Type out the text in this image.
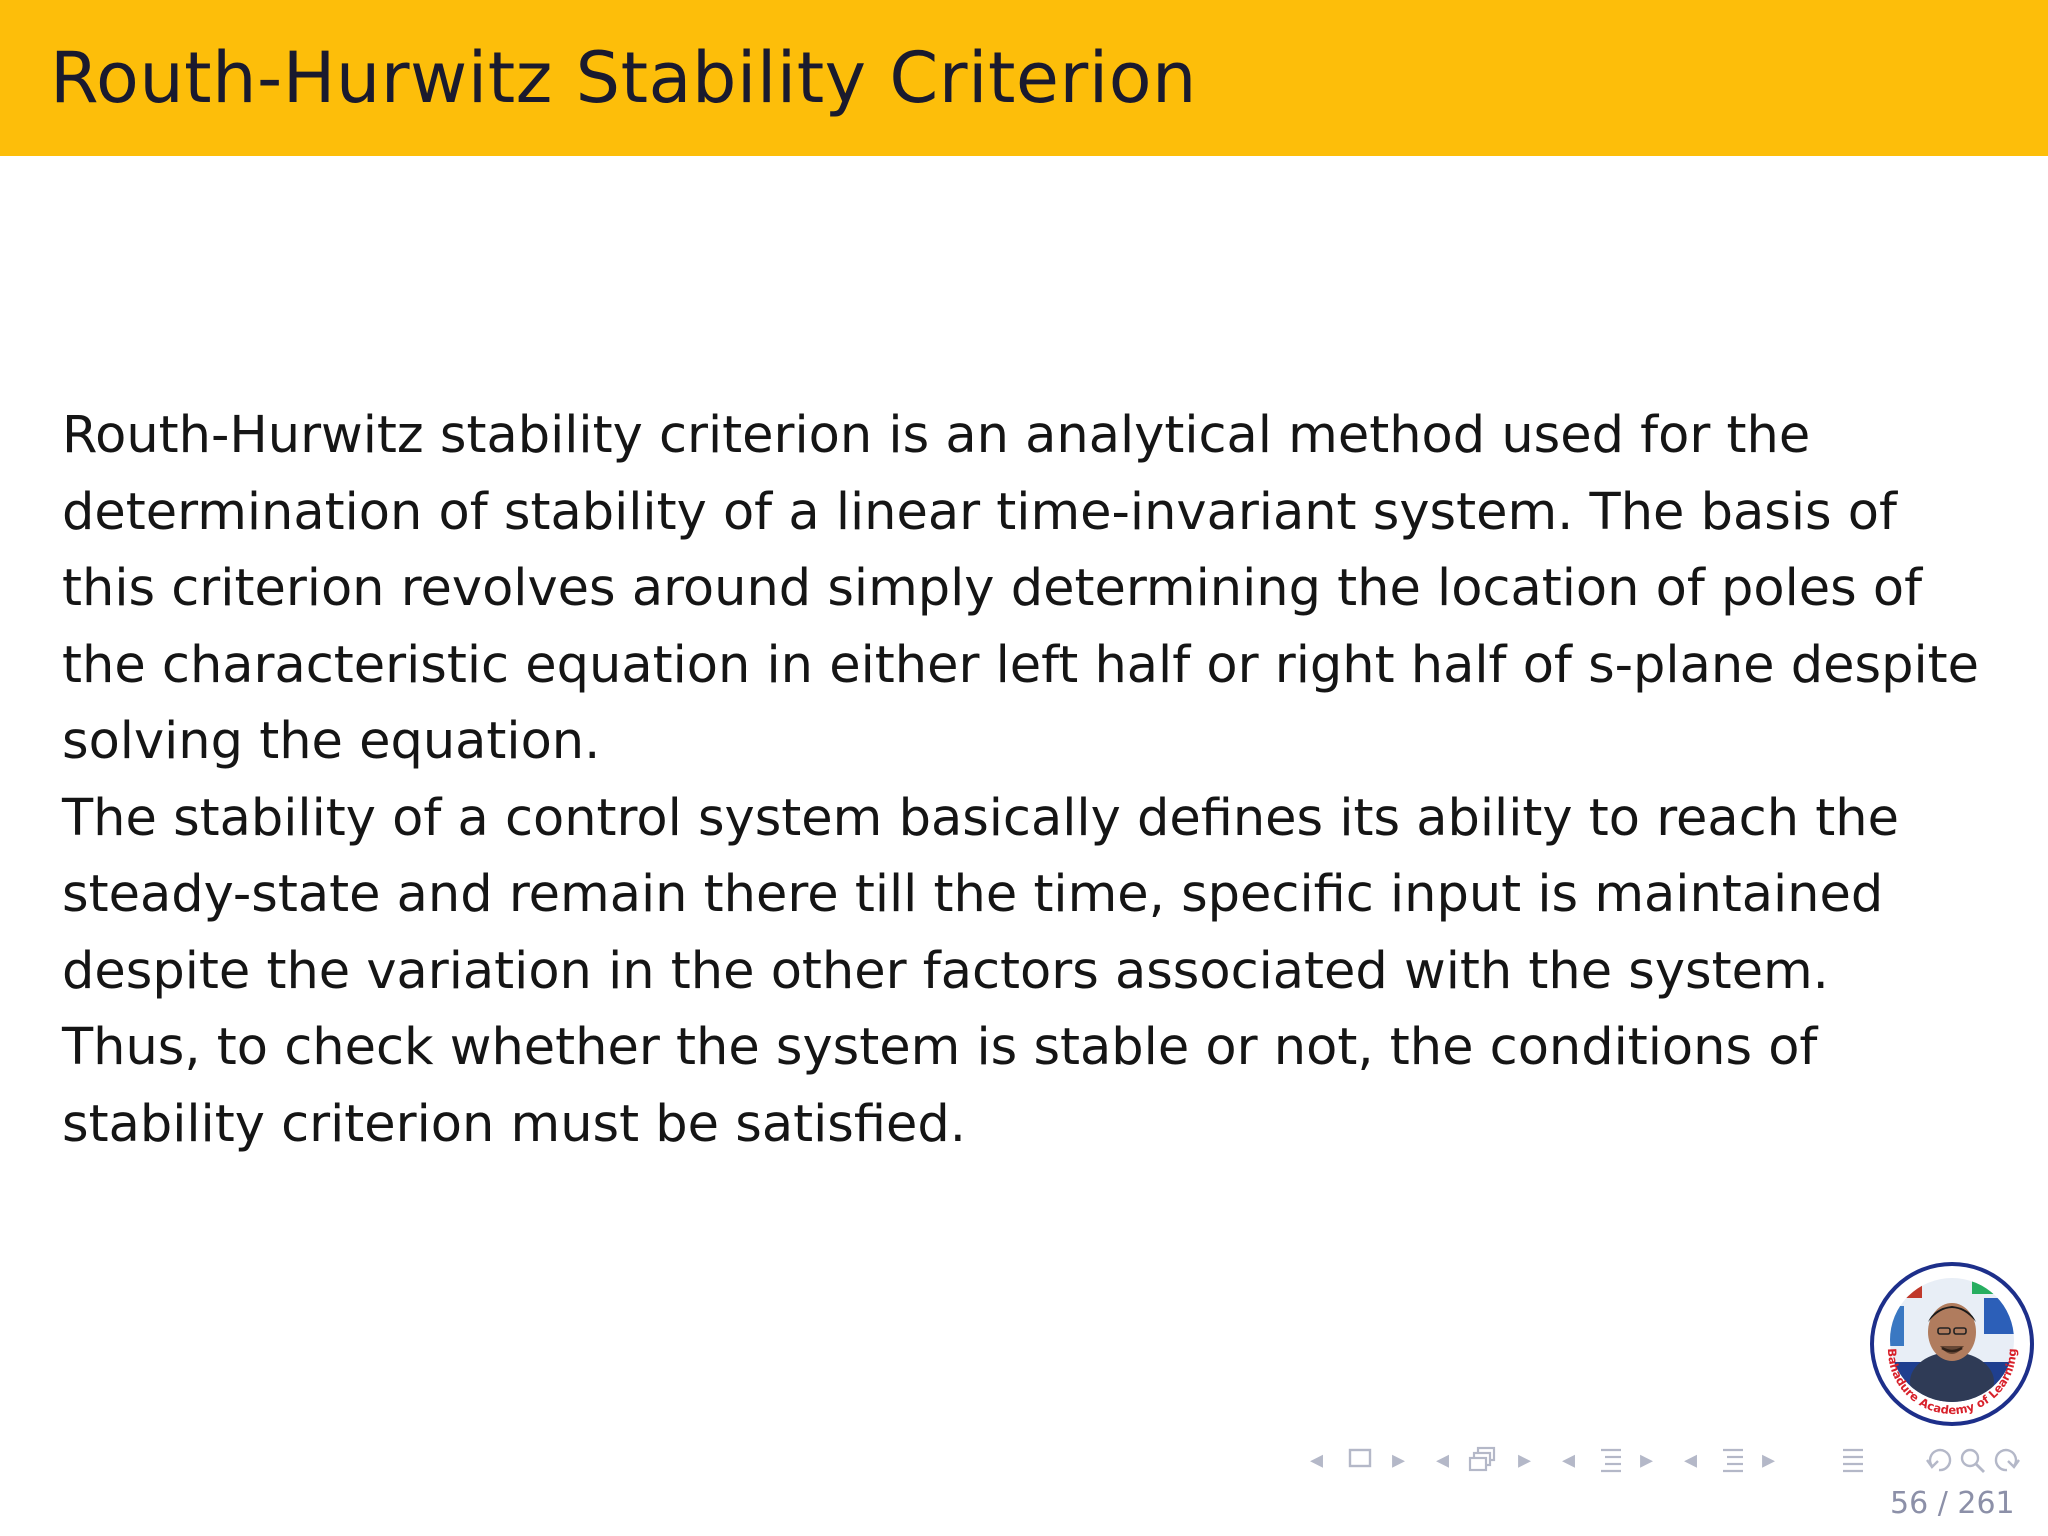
Routh-Hurwitz Stability Criterion

Routh-Hurwitz stability criterion is an analytical method used for the

determination of stability of a linear time-invariant system. The basis of

this criterion revolves around simply determining the location of poles of

the characteristic equation in either left half or right half of s-plane despite

solving the equation.

The stability of a control system basically defines its ability to reach the

steady-state and remain there till the time, specific input is maintained

despite the variation in the other factors associated with the system.

Thus, to check whether the system is stable or not, the conditions of

stability criterion must be satisfied.

Bahadure Academy of Learning
◂	▸ ◂	▸ ◂ ▸ ◂ ▸
56 / 261
